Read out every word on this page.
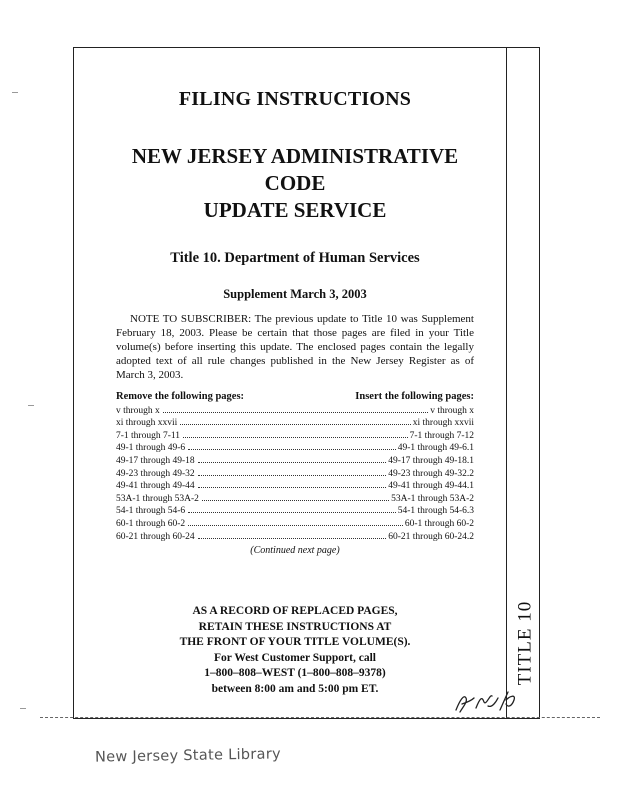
FILING INSTRUCTIONS
NEW JERSEY ADMINISTRATIVE CODE
UPDATE SERVICE
Title 10. Department of Human Services
Supplement March 3, 2003
NOTE TO SUBSCRIBER: The previous update to Title 10 was Supplement February 18, 2003. Please be certain that those pages are filed in your Title volume(s) before inserting this update. The enclosed pages contain the legally adopted text of all rule changes published in the New Jersey Register as of March 3, 2003.
Remove the following pages:	Insert the following pages:
v through x	v through x
xi through xxvii	xi through xxvii
7-1 through 7-11	7-1 through 7-12
49-1 through 49-6	49-1 through 49-6.1
49-17 through 49-18	49-17 through 49-18.1
49-23 through 49-32	49-23 through 49-32.2
49-41 through 49-44	49-41 through 49-44.1
53A-1 through 53A-2	53A-1 through 53A-2
54-1 through 54-6	54-1 through 54-6.3
60-1 through 60-2	60-1 through 60-2
60-21 through 60-24	60-21 through 60-24.2
(Continued next page)
AS A RECORD OF REPLACED PAGES,
RETAIN THESE INSTRUCTIONS AT
THE FRONT OF YOUR TITLE VOLUME(S).
For West Customer Support, call
1–800–808–WEST (1–800–808–9378)
between 8:00 am and 5:00 pm ET.
TITLE 10
New Jersey State Library
